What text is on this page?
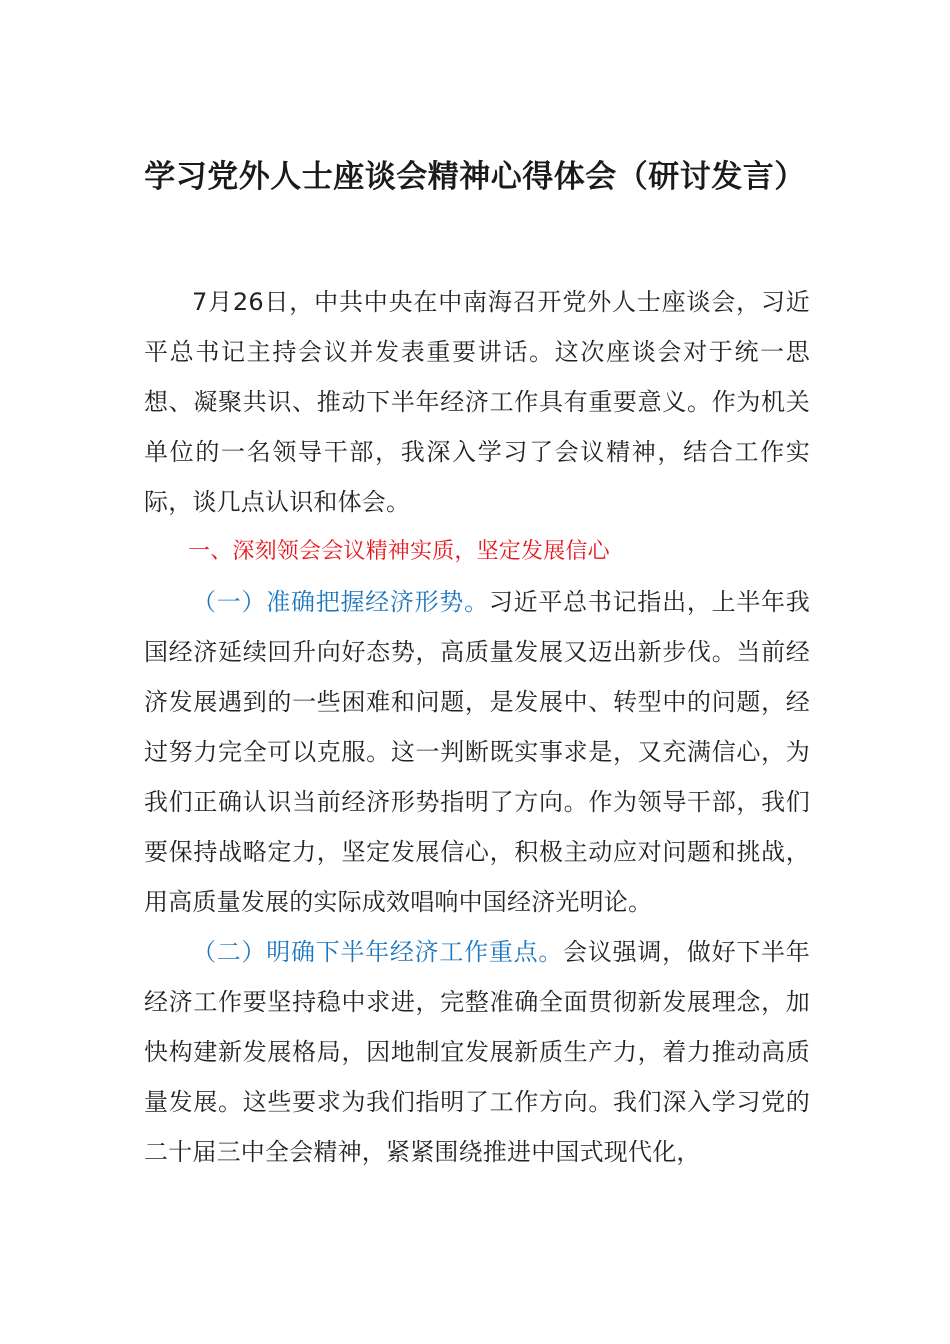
学习党外人士座谈会精神心得体会（研讨发言）

7月26日，中共中央在中南海召开党外人士座谈会，习近平总书记主持会议并发表重要讲话。这次座谈会对于统一思想、凝聚共识、推动下半年经济工作具有重要意义。作为机关单位的一名领导干部，我深入学习了会议精神，结合工作实际，谈几点认识和体会。

一、深刻领会会议精神实质，坚定发展信心

（一）准确把握经济形势。习近平总书记指出，上半年我国经济延续回升向好态势，高质量发展又迈出新步伐。当前经济发展遇到的一些困难和问题，是发展中、转型中的问题，经过努力完全可以克服。这一判断既实事求是，又充满信心，为我们正确认识当前经济形势指明了方向。作为领导干部，我们要保持战略定力，坚定发展信心，积极主动应对问题和挑战，用高质量发展的实际成效唱响中国经济光明论。

（二）明确下半年经济工作重点。会议强调，做好下半年经济工作要坚持稳中求进，完整准确全面贯彻新发展理念，加快构建新发展格局，因地制宜发展新质生产力，着力推动高质量发展。这些要求为我们指明了工作方向。我们深入学习党的二十届三中全会精神，紧紧围绕推进中国式现代化，
